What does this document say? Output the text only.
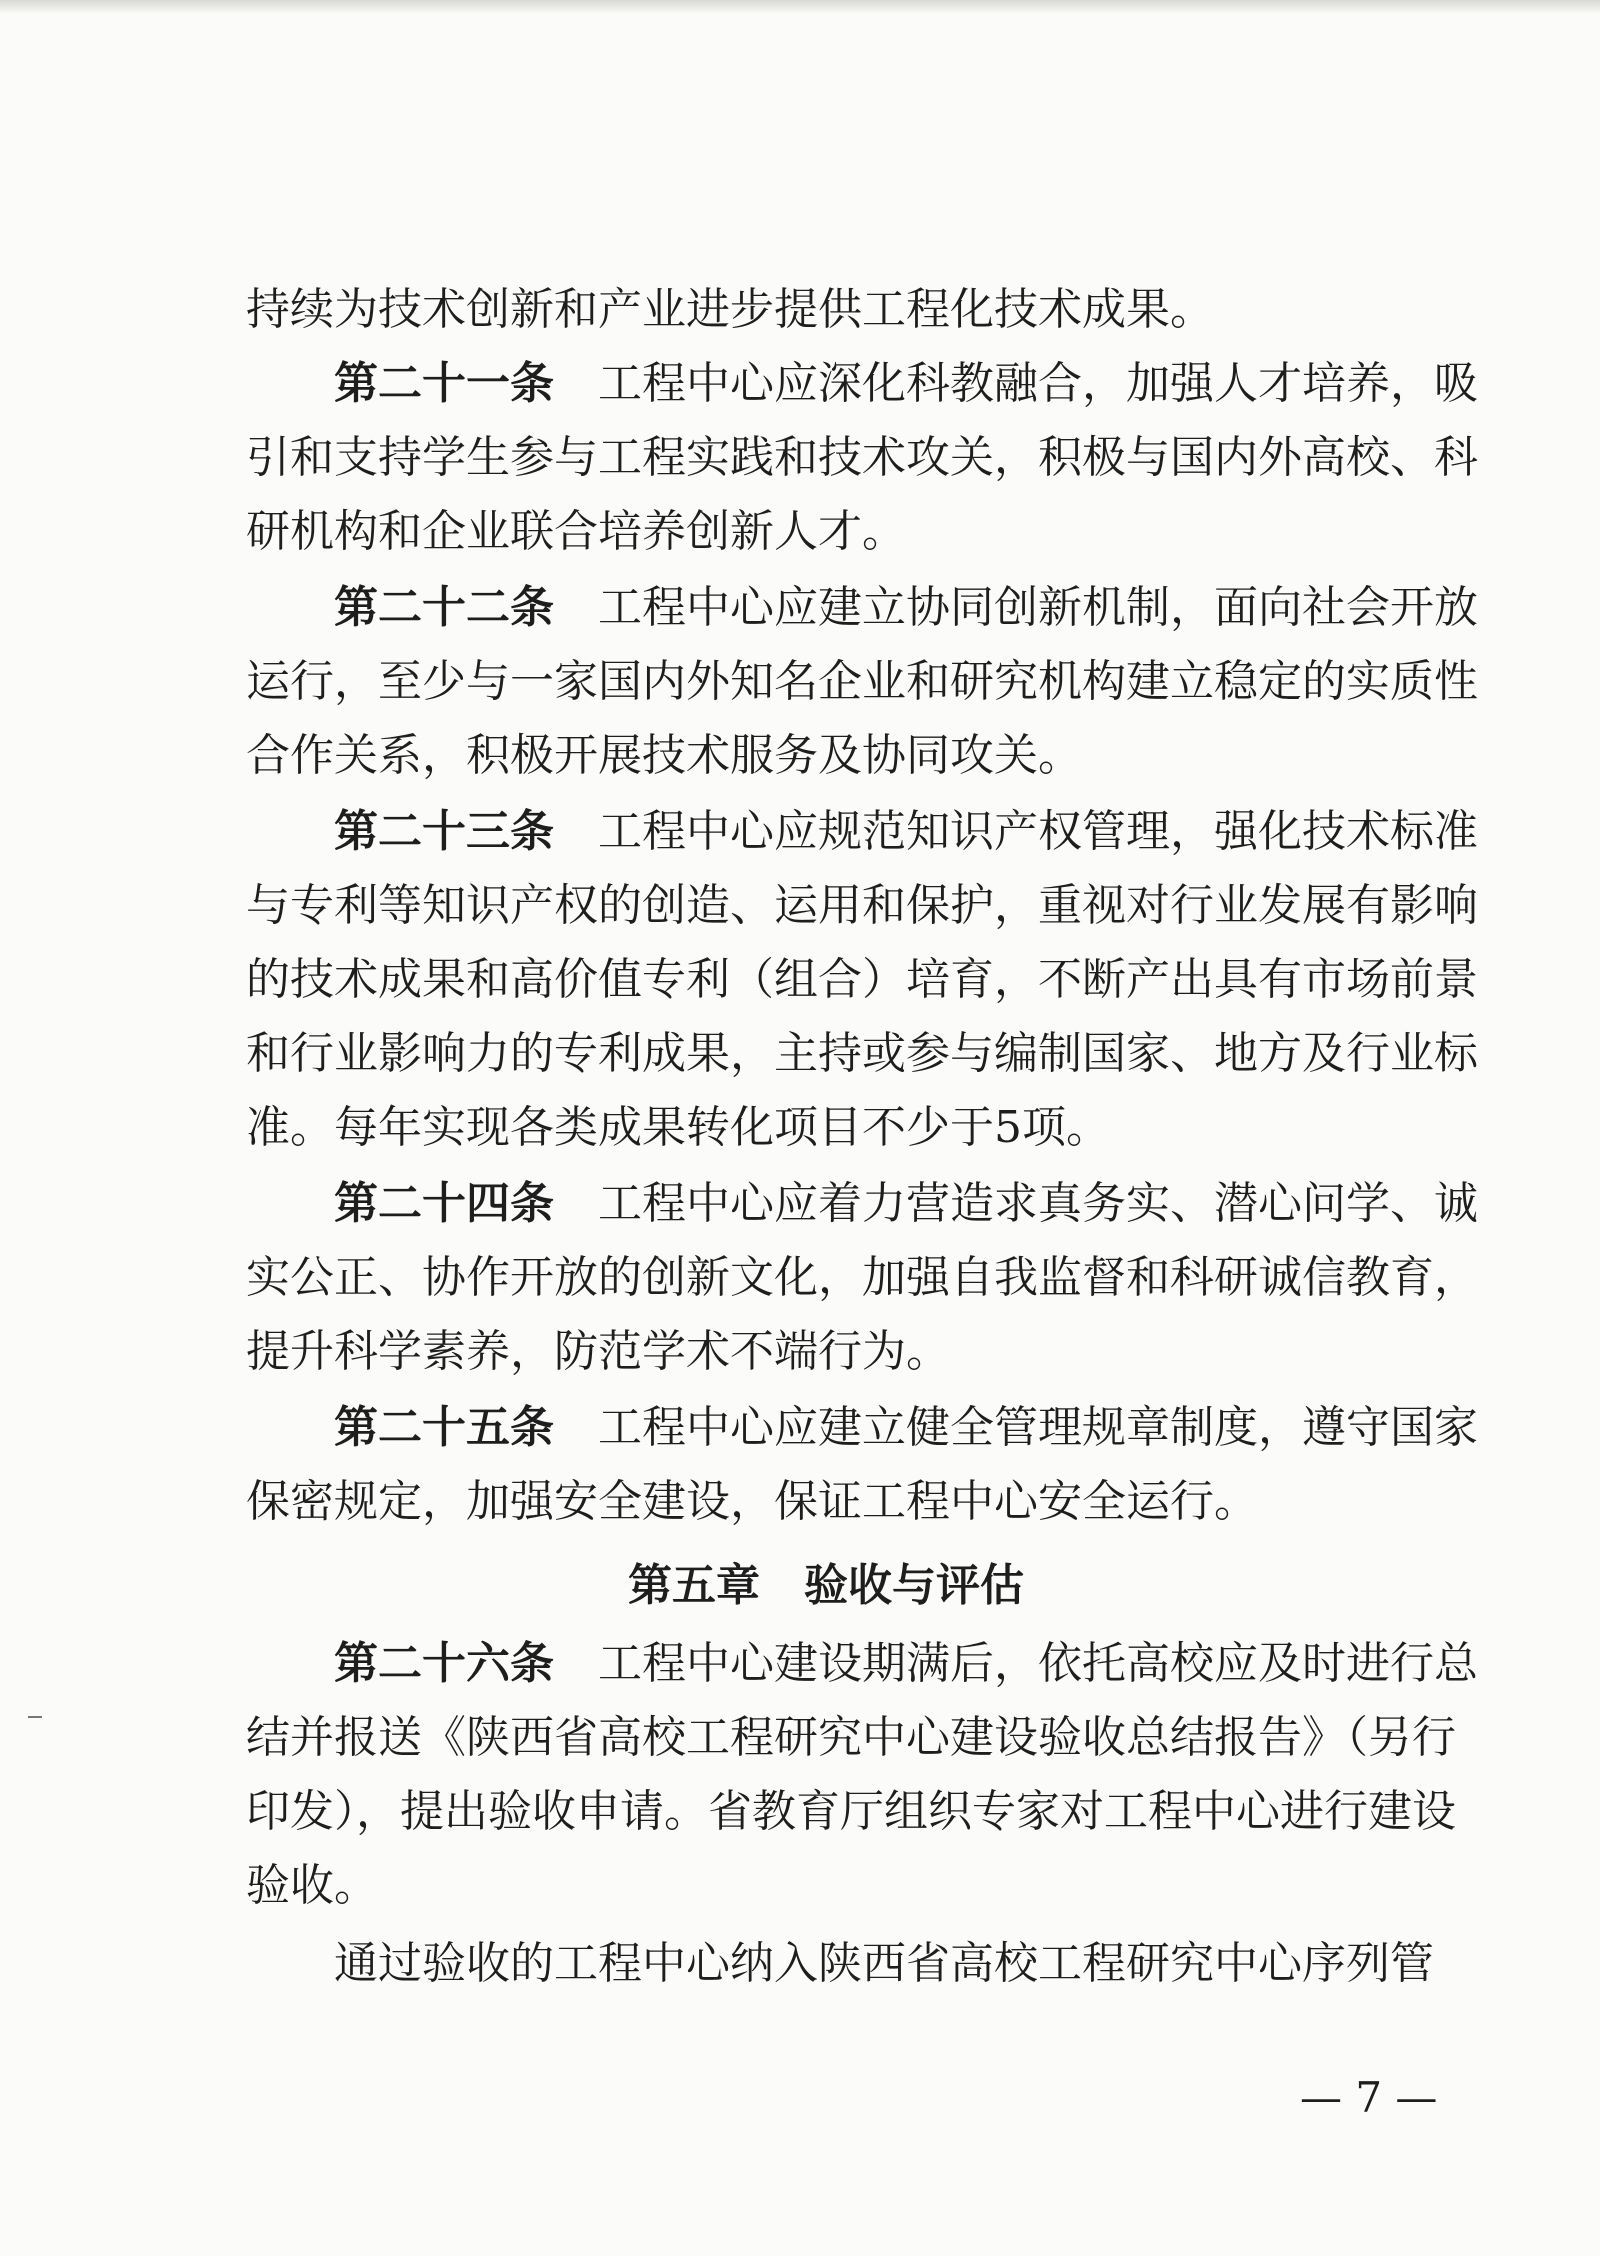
持续为技术创新和产业进步提供工程化技术成果。
第二十一条　 工程中心应深化科教融合，加强人才培养，吸
引和支持学生参与工程实践和技术攻关，积极与国内外高校、科
研机构和企业联合培养创新人才。
第二十二条　 工程中心应建立协同创新机制，面向社会开放
运行，至少与一家国内外知名企业和研究机构建立稳定的实质性
合作关系，积极开展技术服务及协同攻关。
第二十三条　 工程中心应规范知识产权管理，强化技术标准
与专利等知识产权的创造、运用和保护，重视对行业发展有影响
的技术成果和高价值专利（组合）培育，不断产出具有市场前景
和行业影响力的专利成果，主持或参与编制国家、地方及行业标
准。每年实现各类成果转化项目不少于5项。
第二十四条　 工程中心应着力营造求真务实、潜心问学、诚
实公正、协作开放的创新文化，加强自我监督和科研诚信教育，
提升科学素养，防范学术不端行为。
第二十五条　 工程中心应建立健全管理规章制度，遵守国家
保密规定，加强安全建设，保证工程中心安全运行。
第五章　 验收与评估
第二十六条　 工程中心建设期满后，依托高校应及时进行总
结并报送《陕西省高校工程研究中心建设验收总结报告》（另行
印发），提出验收申请。省教育厅组织专家对工程中心进行建设
验收。
通过验收的工程中心纳入陕西省高校工程研究中心序列管
— 7 —
